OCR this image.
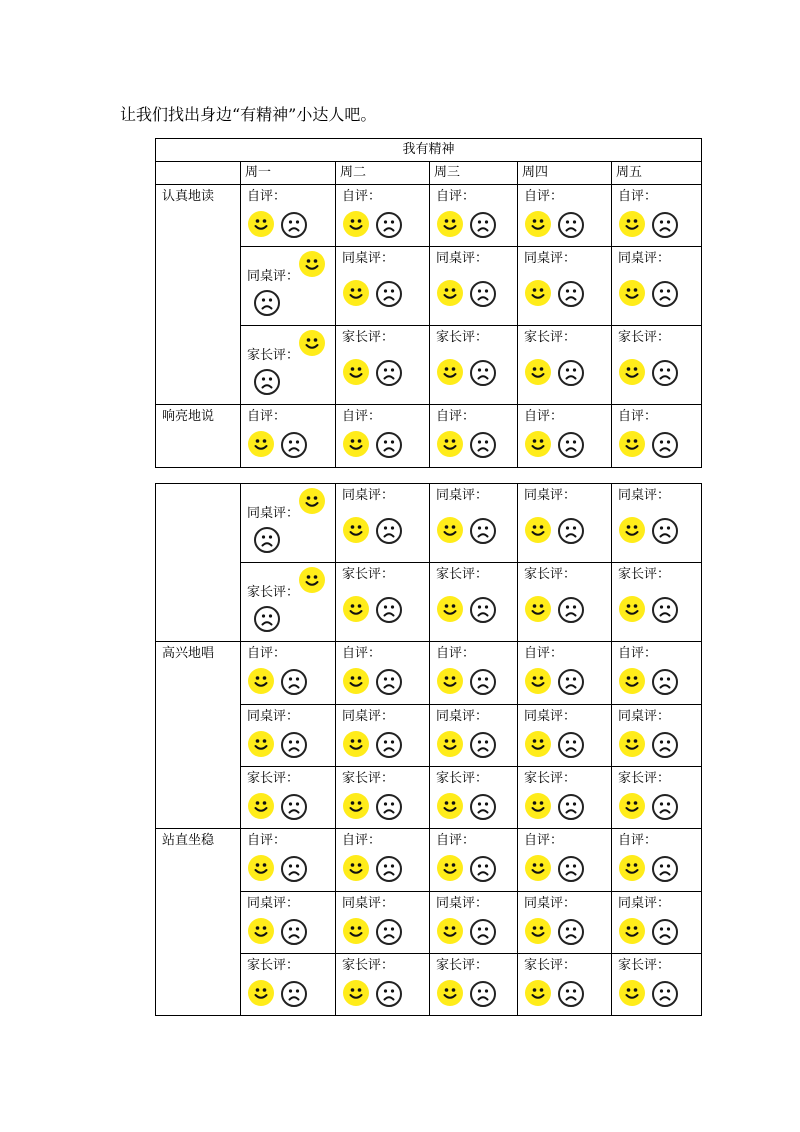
让我们找出身边“有精神”小达人吧。
我有精神					
	周一	周二	周三	周四	周五
认真地读	自评：	自评：	自评：	自评：	自评：

	同桌评：	同桌评：	同桌评：	同桌评：	同桌评：

	家长评：	家长评：	家长评：	家长评：	家长评：

响亮地说	自评：	自评：	自评：	自评：	自评：

	同桌评：	同桌评：	同桌评：	同桌评：	同桌评：

	家长评：	家长评：	家长评：	家长评：	家长评：

高兴地唱	自评：	自评：	自评：	自评：	自评：

	同桌评：	同桌评：	同桌评：	同桌评：	同桌评：

	家长评：	家长评：	家长评：	家长评：	家长评：

站直坐稳	自评：	自评：	自评：	自评：	自评：

	同桌评：	同桌评：	同桌评：	同桌评：	同桌评：

	家长评：	家长评：	家长评：	家长评：	家长评：
